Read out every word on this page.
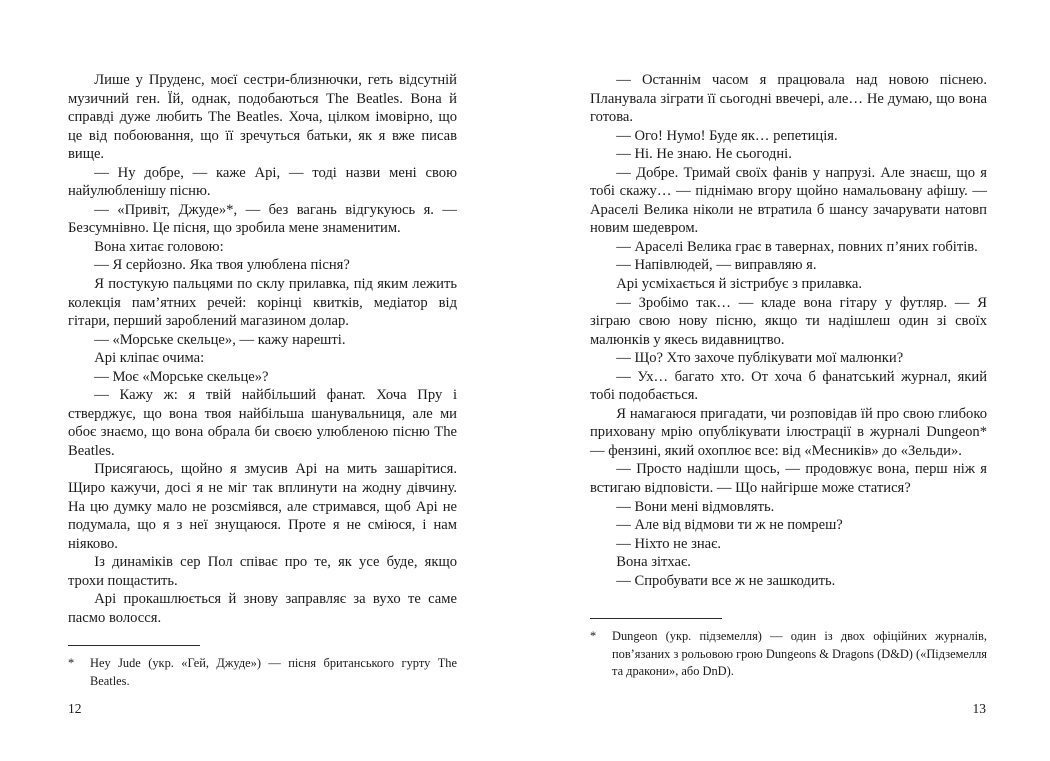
Лише у Пруденс, моєї сестри-близнючки, геть відсутній музичний ген. Їй, однак, подобаються The Beatles. Вона й справді дуже любить The Beatles. Хоча, цілком імовірно, що це від побоювання, що її зречуться батьки, як я вже писав вище.

— Ну добре, — каже Арі, — тоді назви мені свою найулюбленішу пісню.

— «Привіт, Джуде»*, — без вагань відгукуюсь я. — Безсумнівно. Це пісня, що зробила мене знаменитим.

Вона хитає головою:

— Я серйозно. Яка твоя улюблена пісня?

Я постукую пальцями по склу прилавка, під яким лежить колекція пам’ятних речей: корінці квитків, медіатор від гітари, перший зароблений магазином долар.

— «Морське скельце», — кажу нарешті.

Арі кліпає очима:

— Моє «Морське скельце»?

— Кажу ж: я твій найбільший фанат. Хоча Пру і стверджує, що вона твоя найбільша шанувальниця, але ми обоє знаємо, що вона обрала би своєю улюбленою пісню The Beatles.

Присягаюсь, щойно я змусив Арі на мить зашарітися. Щиро кажучи, досі я не міг так вплинути на жодну дівчину. На цю думку мало не розсміявся, але стримався, щоб Арі не подумала, що я з неї знущаюся. Проте я не сміюся, і нам ніяково.

Із динаміків сер Пол співає про те, як усе буде, якщо трохи пощастить.

Арі прокашлюється й знову заправляє за вухо те саме пасмо волосся.

*	Hey Jude (укр. «Гей, Джуде») — пісня британського гурту The Beatles.
12

— Останнім часом я працювала над новою піснею. Планувала зіграти її сьогодні ввечері, але… Не думаю, що вона готова.

— Ого! Нумо! Буде як… репетиція.

— Ні. Не знаю. Не сьогодні.

— Добре. Тримай своїх фанів у напрузі. Але знаєш, що я тобі скажу… — піднімаю вгору щойно намальовану афішу. — Араселі Велика ніколи не втратила б шансу зачарувати натовп новим шедевром.

— Араселі Велика грає в тавернах, повних п’яних гобітів.

— Напівлюдей, — виправляю я.

Арі усміхається й зістрибує з прилавка.

— Зробімо так… — кладе вона гітару у футляр. — Я зіграю свою нову пісню, якщо ти надішлеш один зі своїх малюнків у якесь видавництво.

— Що? Хто захоче публікувати мої малюнки?

— Ух… багато хто. От хоча б фанатський журнал, який тобі подобається.

Я намагаюся пригадати, чи розповідав їй про свою глибоко приховану мрію опублікувати ілюстрації в журналі Dungeon* — фензині, який охоплює все: від «Месників» до «Зельди».

— Просто надішли щось, — продовжує вона, перш ніж я встигаю відповісти. — Що найгірше може статися?

— Вони мені відмовлять.

— Але від відмови ти ж не помреш?

— Ніхто не знає.

Вона зітхає.

— Спробувати все ж не зашкодить.

*	Dungeon (укр. підземелля) — один із двох офіційних журналів, пов’язаних з рольовою грою Dungeons & Dragons (D&D) («Підземелля та дракони», або DnD).
13
